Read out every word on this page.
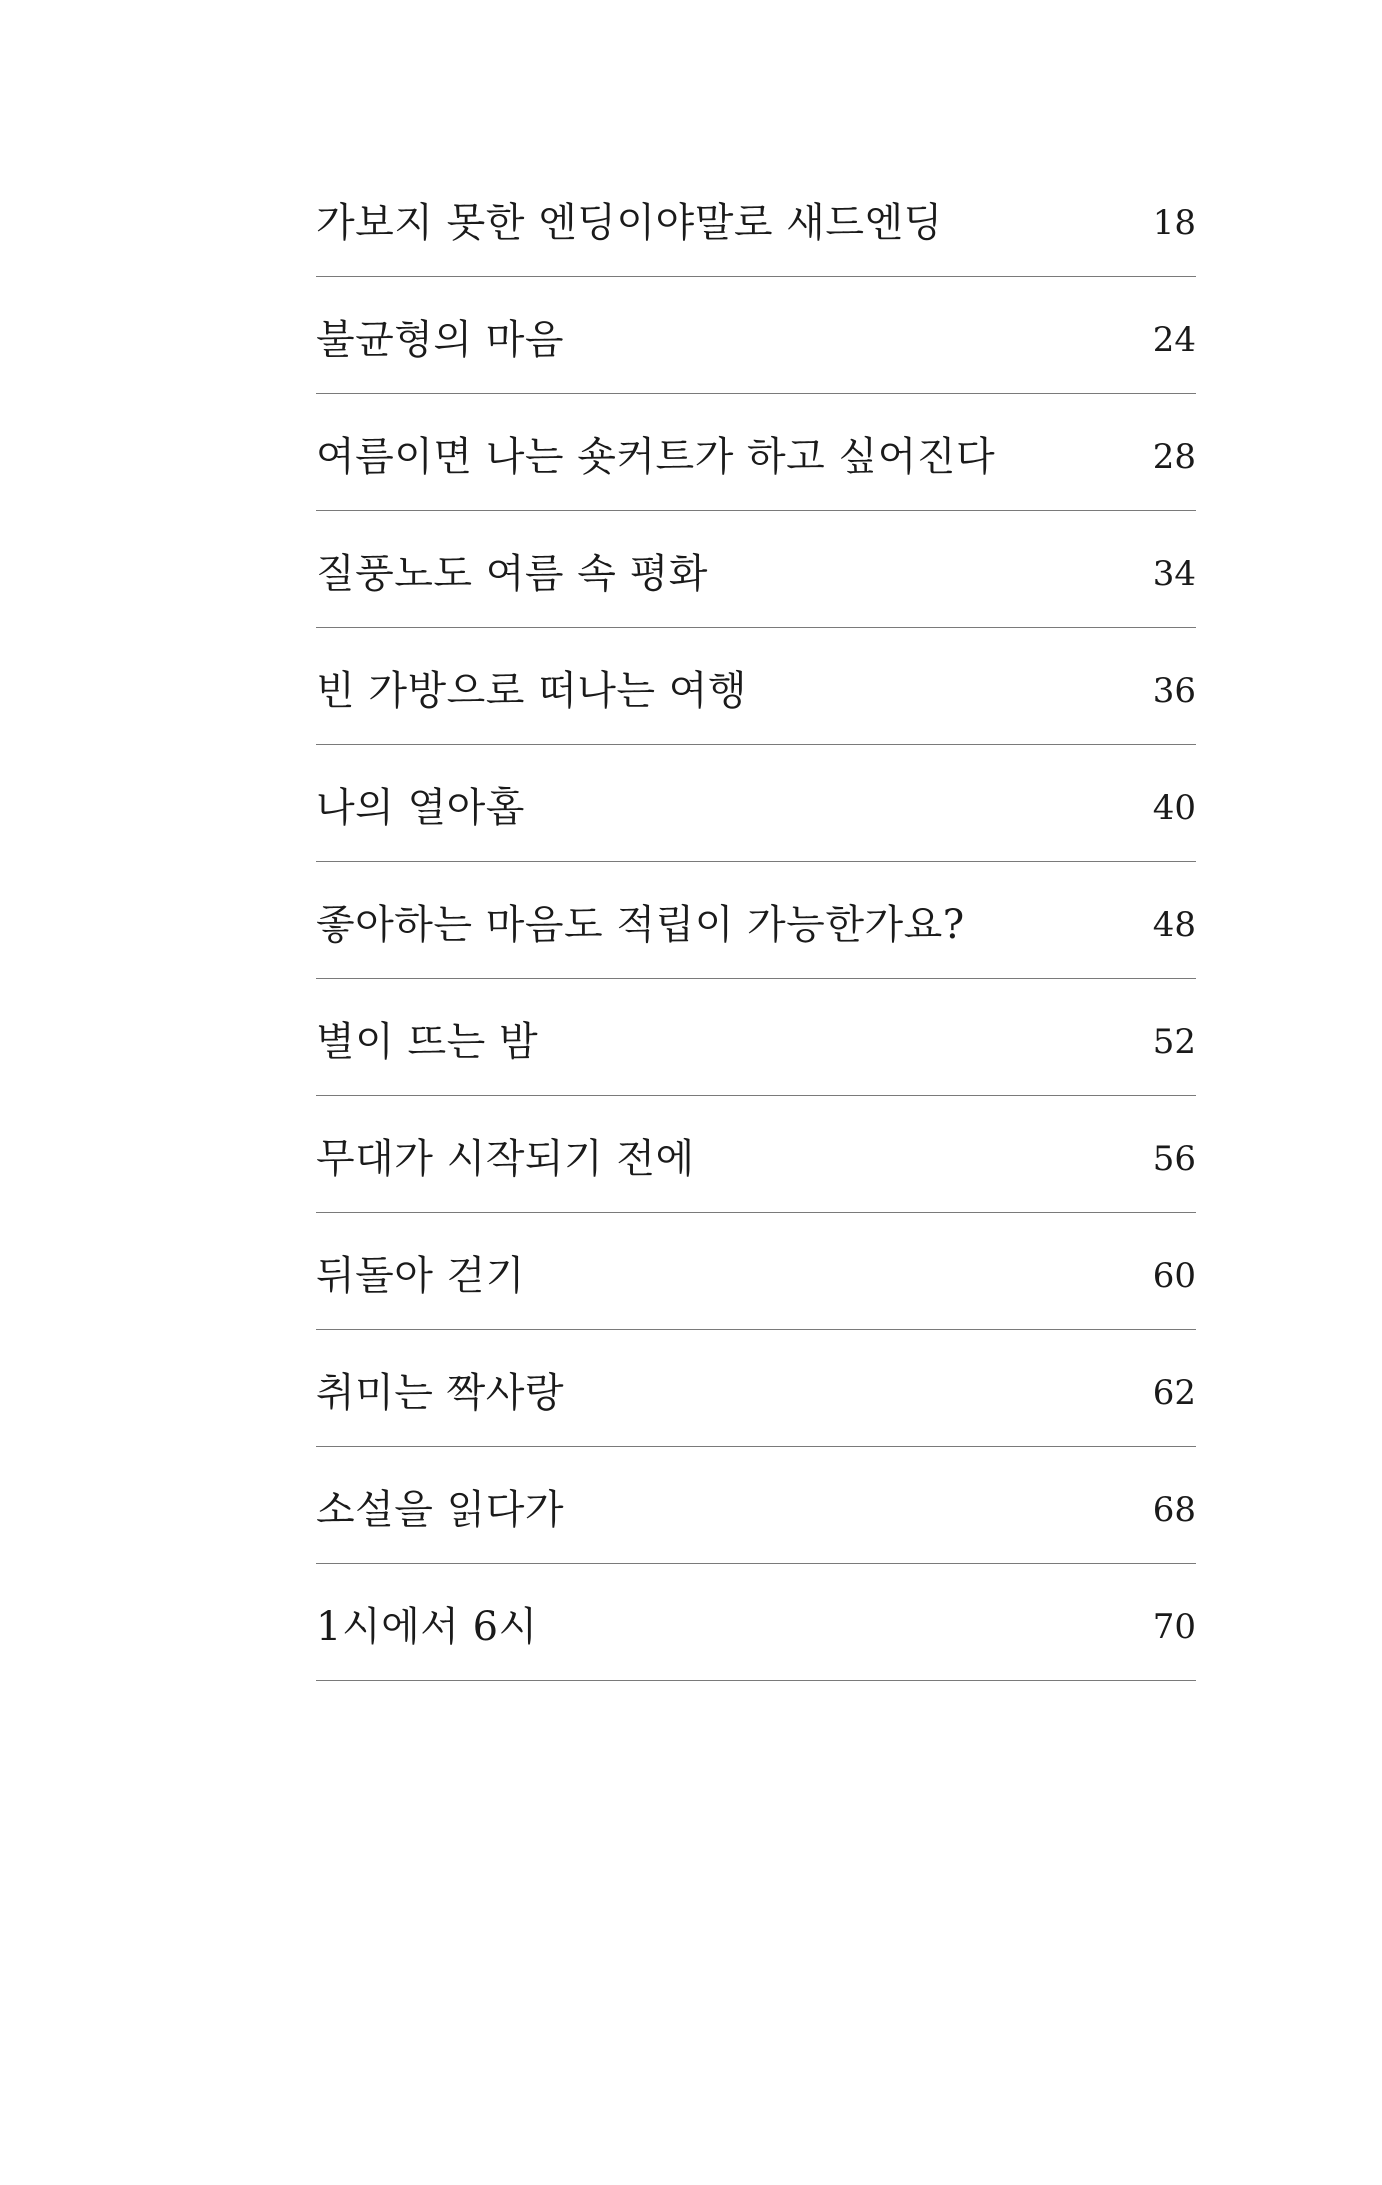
가보지 못한 엔딩이야말로 새드엔딩	18
불균형의 마음	24
여름이면 나는 숏커트가 하고 싶어진다	28
질풍노도 여름 속 평화	34
빈 가방으로 떠나는 여행	36
나의 열아홉	40
좋아하는 마음도 적립이 가능한가요?	48
별이 뜨는 밤	52
무대가 시작되기 전에	56
뒤돌아 걷기	60
취미는 짝사랑	62
소설을 읽다가	68
1시에서 6시	70
